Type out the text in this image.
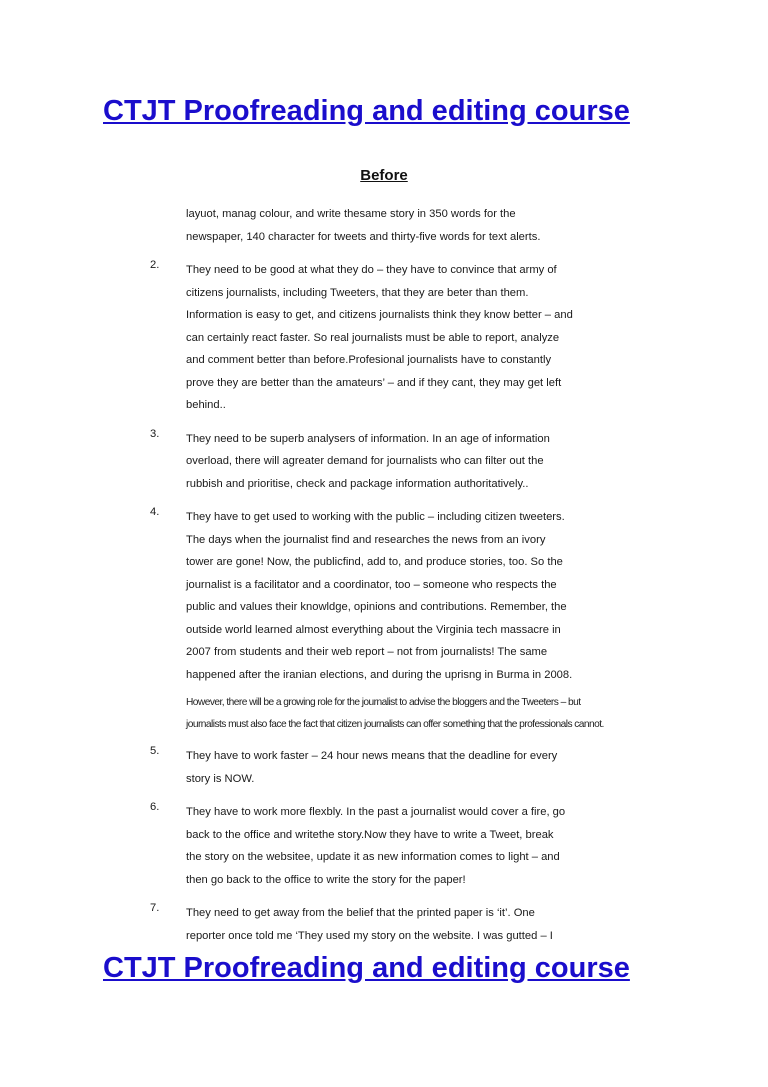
CTJT Proofreading and editing course
Before

layuot, manag colour, and write thesame story in 350 words for the

newspaper, 140 character for tweets and thirty-five words for text alerts.

2. They need to be good at what they do – they have to convince that army of

citizens journalists, including Tweeters, that they are beter than them.

Information is easy to get, and citizens journalists think they know better – and

can certainly react faster. So real journalists must be able to report, analyze

and comment better than before.Profesional journalists have to constantly

prove they are better than the amateurs’ – and if they cant, they may get left

behind..

3. They need to be superb analysers of information. In an age of information

overload, there will agreater demand for journalists who can filter out the

rubbish and prioritise, check and package information authoritatively..

4. They have to get used to working with the public – including citizen tweeters.

The days when the journalist find and researches the news from an ivory

tower are gone! Now, the publicfind, add to, and produce stories, too. So the

journalist is a facilitator and a coordinator, too – someone who respects the

public and values their knowldge, opinions and contributions. Remember, the

outside world learned almost everything about the Virginia tech massacre in

2007 from students and their web report – not from journalists! The same

happened after the iranian elections, and during the uprisng in Burma in 2008.

However, there will be a growing role for the journalist to advise the bloggers and the Tweeters – but

journalists must also face the fact that citizen journalists can offer something that the professionals cannot.

5. They have to work faster – 24 hour news means that the deadline for every

story is NOW.

6. They have to work more flexbly. In the past a journalist would cover a fire, go

back to the office and writethe story.Now they have to write a Tweet, break

the story on the websitee, update it as new information comes to light – and

then go back to the office to write the story for the paper!

7. They need to get away from the belief that the printed paper is ‘it’. One

reporter once told me ‘They used my story on the website. I was gutted – I

CTJT Proofreading and editing course
